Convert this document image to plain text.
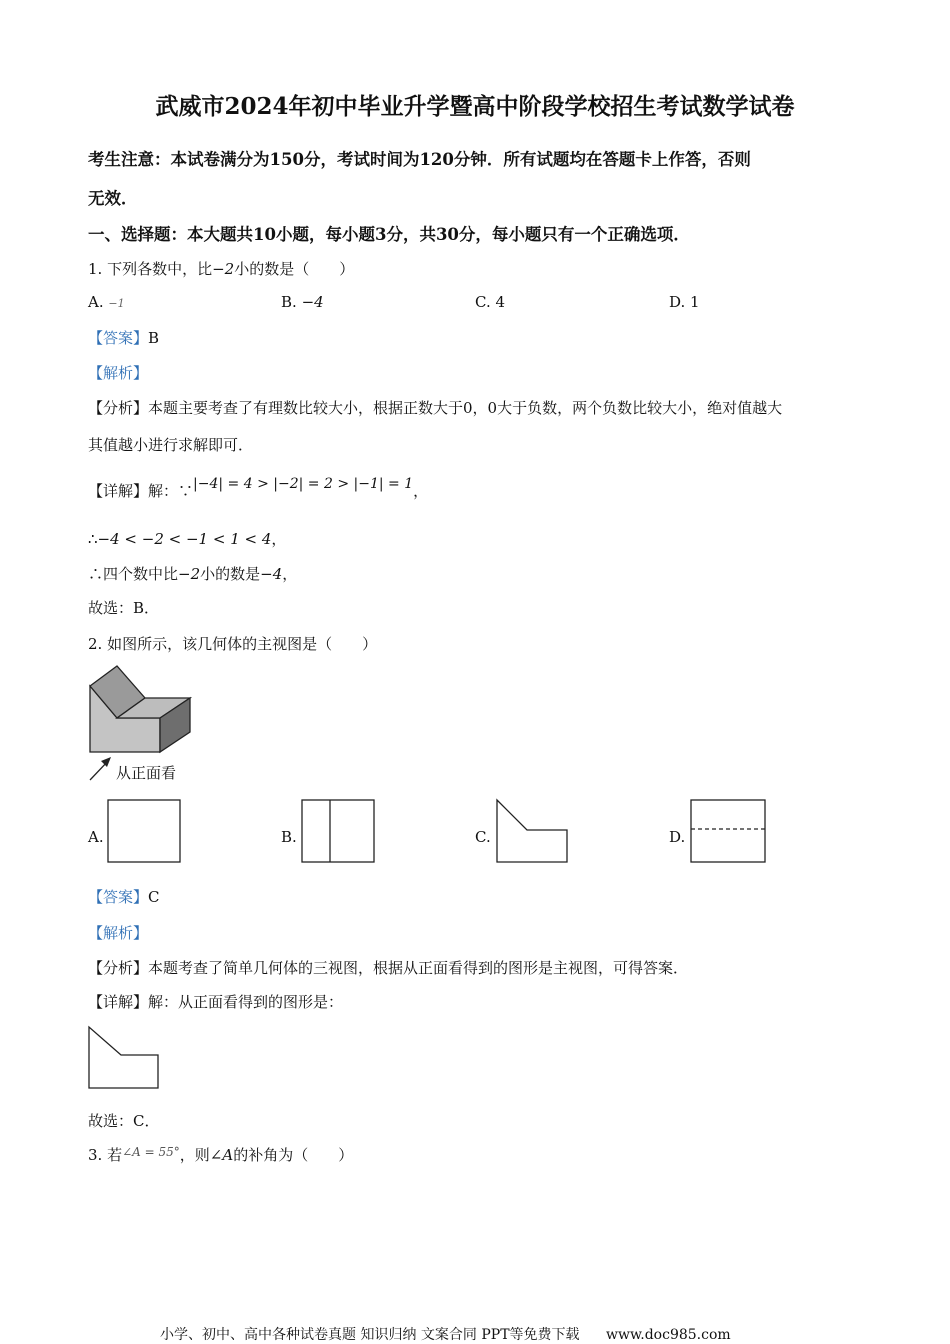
武威市2024年初中毕业升学暨高中阶段学校招生考试数学试卷
考生注意：本试卷满分为150分，考试时间为120分钟．所有试题均在答题卡上作答，否则
无效．
一、选择题：本大题共10小题，每小题3分，共30分，每小题只有一个正确选项．
1. 下列各数中，比−2小的数是（　　）
A. −1	B. −4	C. 4	D. 1
【答案】B
【解析】
【分析】本题主要考查了有理数比较大小，根据正数大于0，0大于负数，两个负数比较大小，绝对值越大
其值越小进行求解即可．
【详解】解：∵|−4| = 4 > |−2| = 2 > |−1| = 1，
∴−4 < −2 < −1 < 1 < 4，
∴四个数中比−2小的数是−4，
故选：B．
2. 如图所示，该几何体的主视图是（　　）
从正面看
A.	B.	C.	D.
【答案】C
【解析】
【分析】本题考查了简单几何体的三视图，根据从正面看得到的图形是主视图，可得答案．
【详解】解：从正面看得到的图形是：
故选：C．
3. 若$^{\angle A = 55^\circ}$，则∠A的补角为（　　）
小学、初中、高中各种试卷真题 知识归纳 文案合同 PPT等免费下载 www.doc985.com
